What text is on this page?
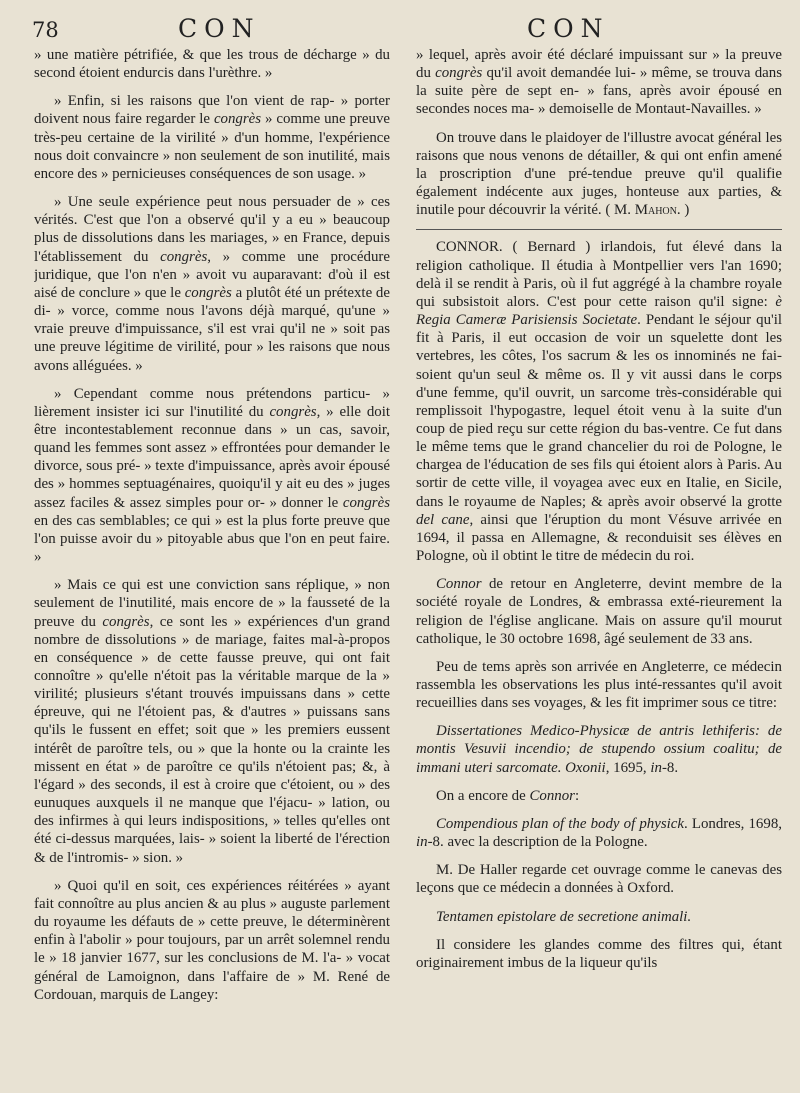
78	CON	CON

» une matière pétrifiée, & que les trous de décharge » du second étoient endurcis dans l'urèthre. »

» Enfin, si les raisons que l'on vient de rap- » porter doivent nous faire regarder le congrès » comme une preuve très-peu certaine de la virilité » d'un homme, l'expérience nous doit convaincre » non seulement de son inutilité, mais encore des » pernicieuses conséquences de son usage. »

» Une seule expérience peut nous persuader de » ces vérités. C'est que l'on a observé qu'il y a eu » beaucoup plus de dissolutions dans les mariages, » en France, depuis l'établissement du congrès, » comme une procédure juridique, que l'on n'en » avoit vu auparavant: d'où il est aisé de conclure » que le congrès a plutôt été un prétexte de di- » vorce, comme nous l'avons déjà marqué, qu'une » vraie preuve d'impuissance, s'il est vrai qu'il ne » soit pas une preuve légitime de virilité, pour » les raisons que nous avons alléguées. »

» Cependant comme nous prétendons particu- » lièrement insister ici sur l'inutilité du congrès, » elle doit être incontestablement reconnue dans » un cas, savoir, quand les femmes sont assez » effrontées pour demander le divorce, sous pré- » texte d'impuissance, après avoir épousé des » hommes septuagénaires, quoiqu'il y ait eu des » juges assez faciles & assez simples pour or- » donner le congrès en des cas semblables; ce qui » est la plus forte preuve que l'on puisse avoir du » pitoyable abus que l'on en peut faire. »

» Mais ce qui est une conviction sans réplique, » non seulement de l'inutilité, mais encore de » la fausseté de la preuve du congrès, ce sont les » expériences d'un grand nombre de dissolutions » de mariage, faites mal-à-propos en conséquence » de cette fausse preuve, qui ont fait connoître » qu'elle n'étoit pas la véritable marque de la » virilité; plusieurs s'étant trouvés impuissans dans » cette épreuve, qui ne l'étoient pas, & d'autres » puissans sans qu'ils le fussent en effet; soit que » les premiers eussent intérêt de paroître tels, ou » que la honte ou la crainte les missent en état » de paroître ce qu'ils n'étoient pas; &, à l'égard » des seconds, il est à croire que c'étoient, ou » des eunuques auxquels il ne manque que l'éjacu- » lation, ou des infirmes à qui leurs indispositions, » telles qu'elles ont été ci-dessus marquées, lais- » soient la liberté de l'érection & de l'intromis- » sion. »

» Quoi qu'il en soit, ces expériences réitérées » ayant fait connoître au plus ancien & au plus » auguste parlement du royaume les défauts de » cette preuve, le déterminèrent enfin à l'abolir » pour toujours, par un arrêt solemnel rendu le » 18 janvier 1677, sur les conclusions de M. l'a- » vocat général de Lamoignon, dans l'affaire de » M. René de Cordouan, marquis de Langey:

» lequel, après avoir été déclaré impuissant sur » la preuve du congrès qu'il avoit demandée lui- » même, se trouva dans la suite père de sept en- » fans, après avoir épousé en secondes noces ma- » demoiselle de Montaut-Navailles. »

On trouve dans le plaidoyer de l'illustre avocat général les raisons que nous venons de détailler, & qui ont enfin amené la proscription d'une pré-tendue preuve qu'il qualifie également indécente aux juges, honteuse aux parties, & inutile pour découvrir la vérité. ( M. Mahon. )

CONNOR. ( Bernard ) irlandois, fut élevé dans la religion catholique. Il étudia à Montpellier vers l'an 1690; delà il se rendit à Paris, où il fut aggrégé à la chambre royale qui subsistoit alors. C'est pour cette raison qu'il signe: è Regia Cameræ Parisiensis Societate. Pendant le séjour qu'il fit à Paris, il eut occasion de voir un squelette dont les vertebres, les côtes, l'os sacrum & les os innominés ne fai-soient qu'un seul & même os. Il y vit aussi dans le corps d'une femme, qu'il ouvrit, un sarcome très-considérable qui remplissoit l'hypogastre, lequel étoit venu à la suite d'un coup de pied reçu sur cette région du bas-ventre. Ce fut dans le même tems que le grand chancelier du roi de Pologne, le chargea de l'éducation de ses fils qui étoient alors à Paris. Au sortir de cette ville, il voyagea avec eux en Italie, en Sicile, dans le royaume de Naples; & après avoir observé la grotte del cane, ainsi que l'éruption du mont Vésuve arrivée en 1694, il passa en Allemagne, & reconduisit ses élèves en Pologne, où il obtint le titre de médecin du roi.

Connor de retour en Angleterre, devint membre de la société royale de Londres, & embrassa exté-rieurement la religion de l'église anglicane. Mais on assure qu'il mourut catholique, le 30 octobre 1698, âgé seulement de 33 ans.

Peu de tems après son arrivée en Angleterre, ce médecin rassembla les observations les plus inté-ressantes qu'il avoit recueillies dans ses voyages, & les fit imprimer sous ce titre:

Dissertationes Medico-Physicæ de antris lethiferis: de montis Vesuvii incendio; de stupendo ossium coalitu; de immani uteri sarcomate. Oxonii, 1695, in-8.

On a encore de Connor:

Compendious plan of the body of physick. Londres, 1698, in-8. avec la description de la Pologne.

M. De Haller regarde cet ouvrage comme le canevas des leçons que ce médecin a données à Oxford.

Tentamen epistolare de secretione animali.

Il considere les glandes comme des filtres qui, étant originairement imbus de la liqueur qu'ils
